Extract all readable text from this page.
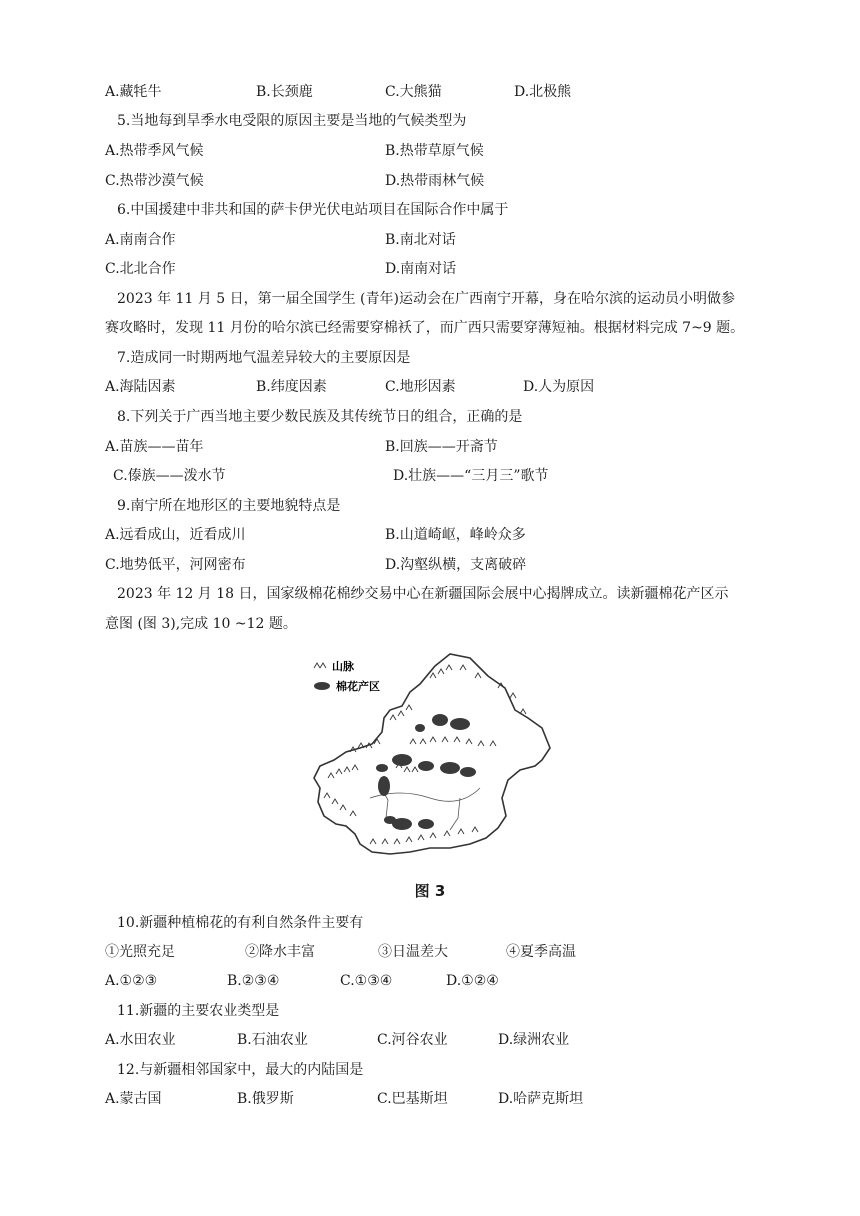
A.藏牦牛	B.长颈鹿	C.大熊猫	D.北极熊
5.当地每到旱季水电受限的原因主要是当地的气候类型为
A.热带季风气候	B.热带草原气候
C.热带沙漠气候	D.热带雨林气候
6.中国援建中非共和国的萨卡伊光伏电站项目在国际合作中属于
A.南南合作	B.南北对话
C.北北合作	D.南南对话
2023 年 11 月 5 日，第一届全国学生 (青年)运动会在广西南宁开幕，身在哈尔滨的运动员小明做参
赛攻略时，发现 11 月份的哈尔滨已经需要穿棉袄了，而广西只需要穿薄短袖。根据材料完成 7~9 题。
7.造成同一时期两地气温差异较大的主要原因是
A.海陆因素	B.纬度因素	C.地形因素	D.人为原因
8.下列关于广西当地主要少数民族及其传统节日的组合，正确的是
A.苗族——苗年	B.回族——开斋节
C.傣族——泼水节	D.壮族——“三月三”歌节
9.南宁所在地形区的主要地貌特点是
A.远看成山，近看成川	B.山道崎岖，峰岭众多
C.地势低平，河网密布	D.沟壑纵横，支离破碎
2023 年 12 月 18 日，国家级棉花棉纱交易中心在新疆国际会展中心揭牌成立。读新疆棉花产区示
意图 (图 3),完成 10 ~12 题。
山脉
棉花产区
图 3
10.新疆种植棉花的有利自然条件主要有
①光照充足	②降水丰富	③日温差大	④夏季高温
A.①②③	B.②③④	C.①③④	D.①②④
11.新疆的主要农业类型是
A.水田农业	B.石油农业	C.河谷农业	D.绿洲农业
12.与新疆相邻国家中，最大的内陆国是
A.蒙古国	B.俄罗斯	C.巴基斯坦	D.哈萨克斯坦
